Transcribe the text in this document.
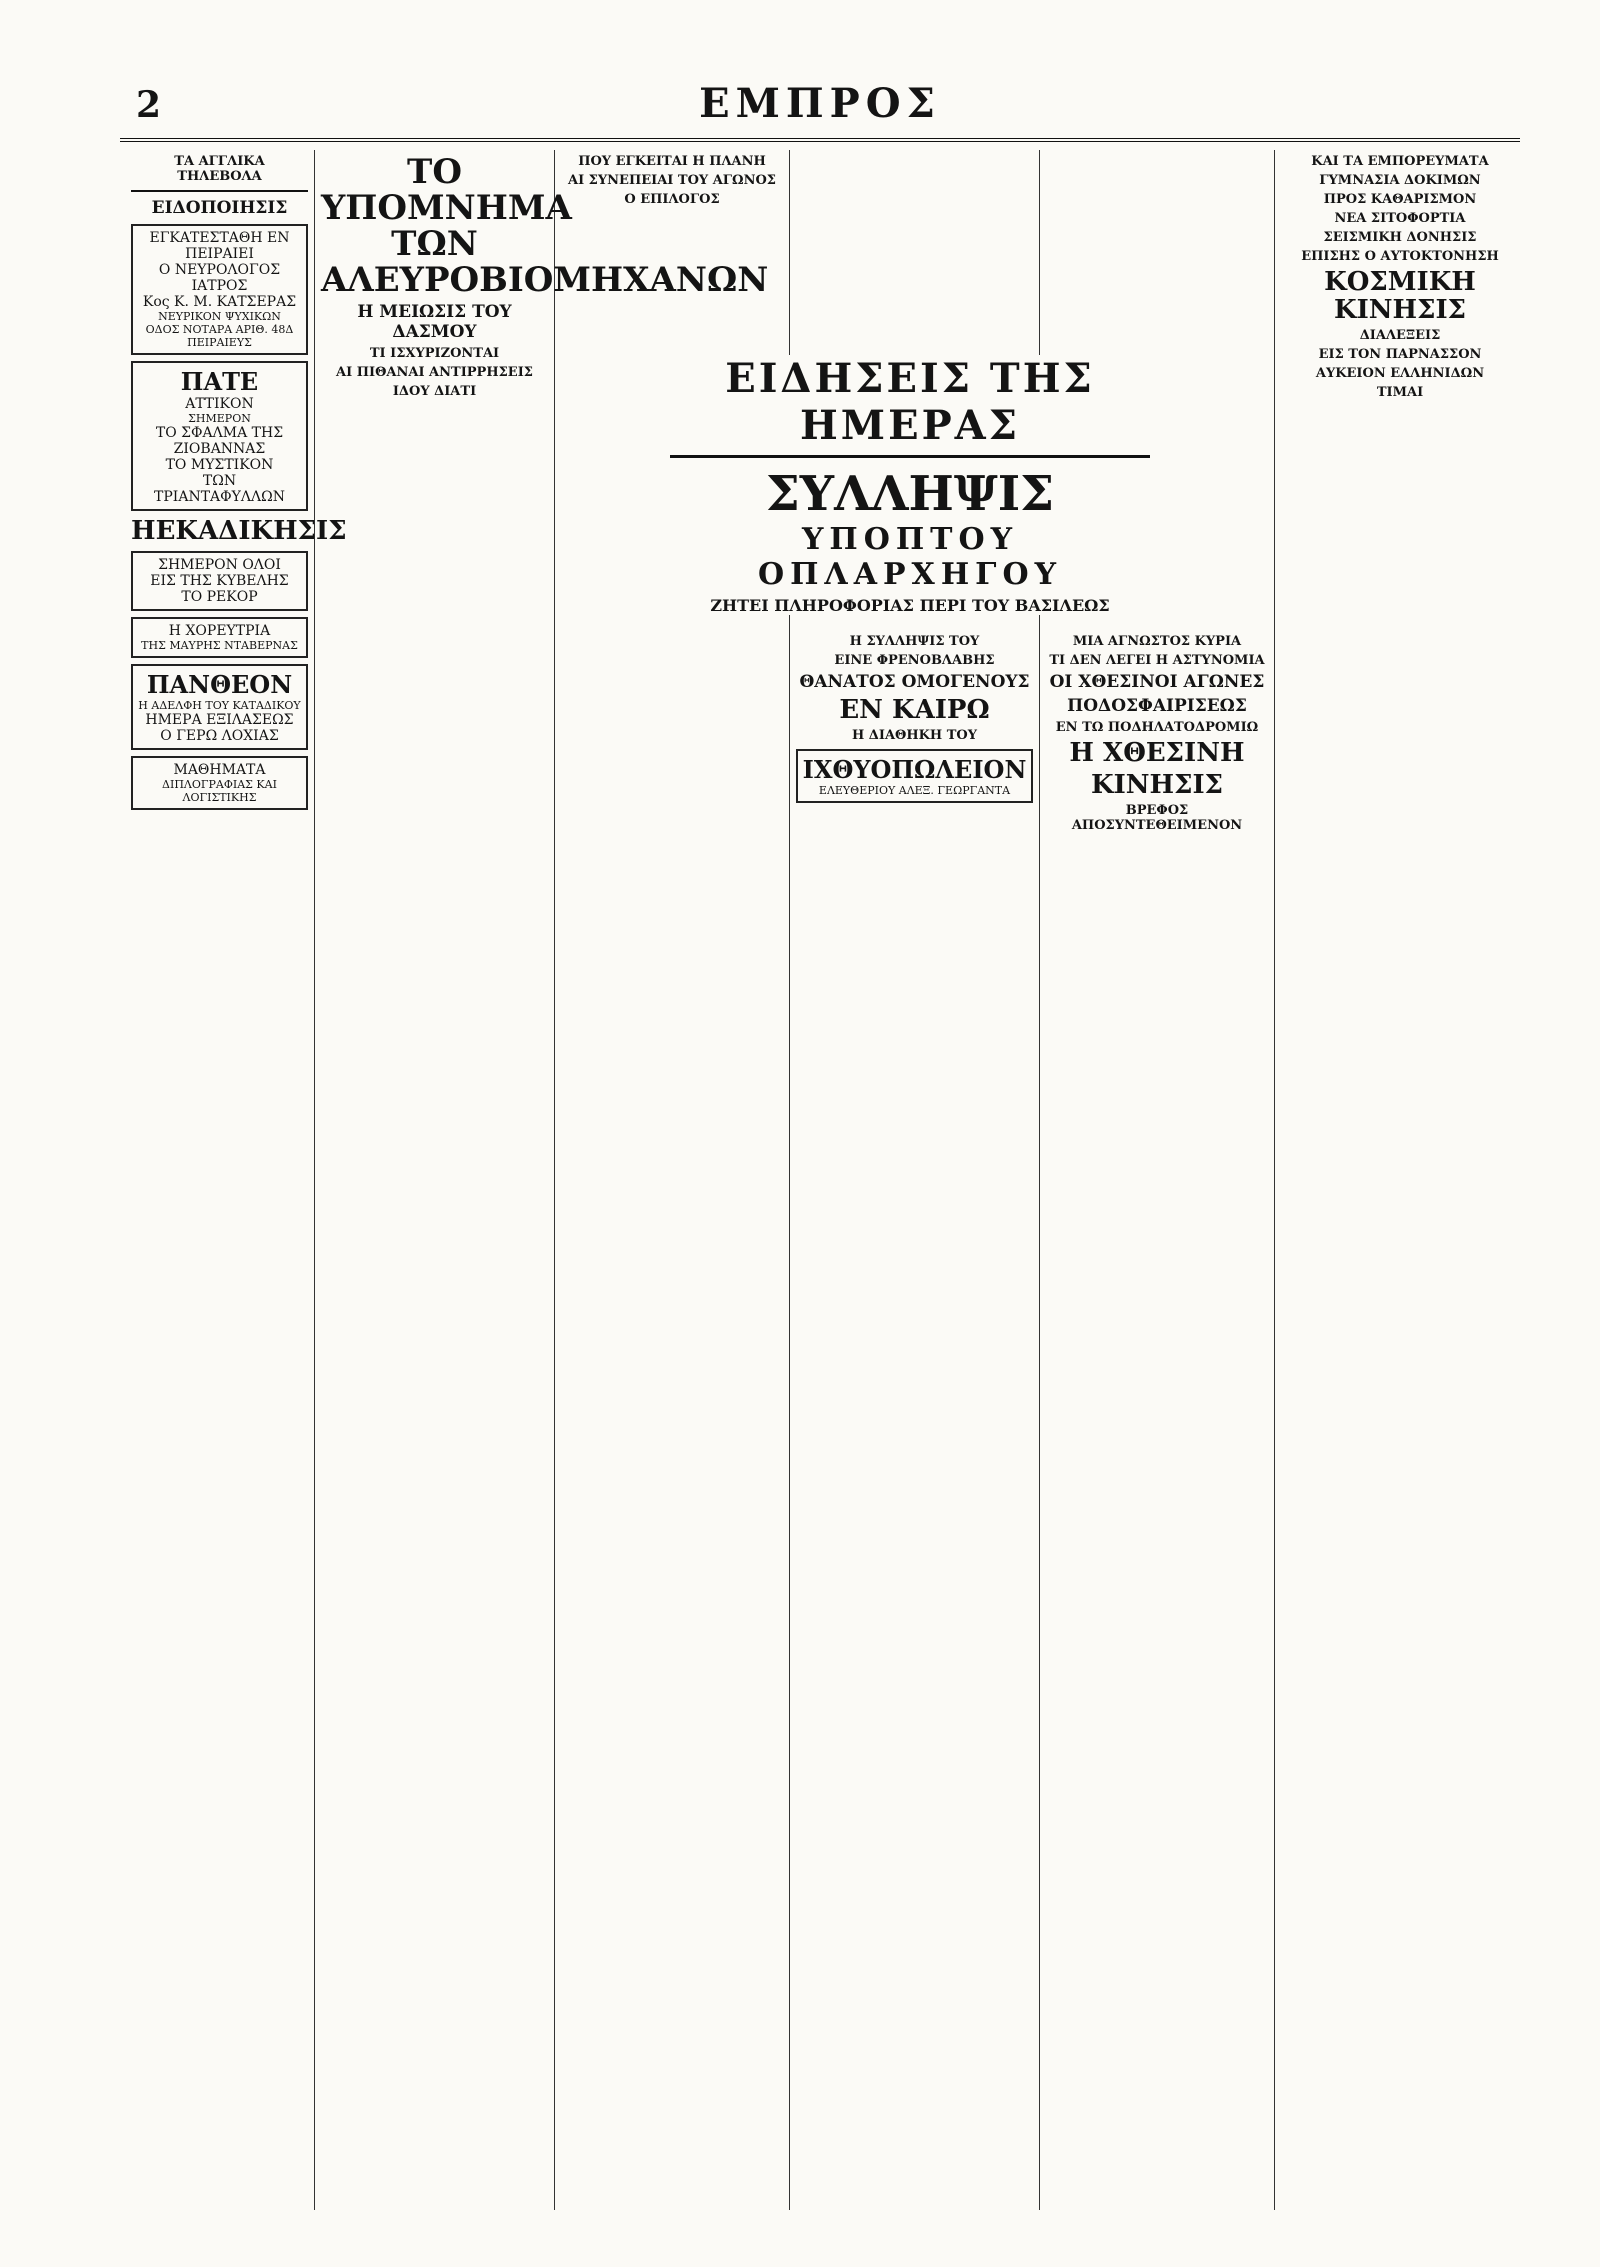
2	ΕΜΠΡΟΣ
ΤΑ ΑΓΓΛΙΚΑ ΤΗΛΕΒΟΛΑ
ΕΙΔΟΠΟΙΗΣΙΣ
ΕΓΚΑΤΕΣΤΑΘΗ ΕΝ ΠΕΙΡΑΙΕΙ
Ο ΝΕΥΡΟΛΟΓΟΣ ΙΑΤΡΟΣ
Κος Κ. Μ. ΚΑΤΣΕΡΑΣ
NEYPIKON ΨΥΧΙΚΩΝ
ΟΔΟΣ ΝΟΤΑΡΑ ΑΡΙΘ. 48Δ
ΠΕΙΡΑΙΕΥΣ
ΠΑΤΕ
ΑΤΤΙΚΟΝ
ΣΗΜΕΡΟΝ
ΤΟ ΣΦΑΛΜΑ ΤΗΣ ΖΙΟΒΑΝΝΑΣ
ΤΟ ΜΥΣΤΙΚΟΝ
ΤΩΝ ΤΡΙΑΝΤΑΦΥΛΛΩΝ
ΗΕΚΑΔΙΚΗΣΙΣ
ΣΗΜΕΡΟΝ ΟΛΟΙ
ΕΙΣ ΤΗΣ ΚΥΒΕΛΗΣ
ΤΟ ΡΕΚΟΡ
Η ΧΟΡΕΥΤΡΙΑ
ΤΗΣ ΜΑΥΡΗΣ ΝΤΑΒΕΡΝΑΣ
ΠΑΝΘΕΟΝ
Η ΑΔΕΛΦΗ ΤΟΥ ΚΑΤΑΔΙΚΟΥ
ΗΜΕΡΑ ΕΞΙΛΑΣΕΩΣ
Ο ΓΕΡΩ ΛΟΧΙΑΣ
ΜΑΘΗΜΑΤΑ
ΔΙΠΛΟΓΡΑΦΙΑΣ ΚΑΙ ΛΟΓΙΣΤΙΚΗΣ
ΤΟ ΥΠΟΜΝΗΜΑ ΤΩΝ ΑΛΕΥΡΟΒΙΟΜΗΧΑΝΩΝ
Η ΜΕΙΩΣΙΣ ΤΟΥ ΔΑΣΜΟΥ
ΤΙ ΙΣΧΥΡΙΖΟΝΤΑΙ
ΑΙ ΠΙΘΑΝΑΙ ΑΝΤΙΡΡΗΣΕΙΣ
ΙΔΟΥ ΔΙΑΤΙ
ΠΟΥ ΕΓΚΕΙΤΑΙ Η ΠΛΑΝΗ
ΑΙ ΣΥΝΕΠΕΙΑΙ ΤΟΥ ΑΓΩΝΟΣ
Ο ΕΠΙΛΟΓΟΣ
Η ΣΥΛΛΗΨΙΣ ΤΟΥ
ΕΙΝΕ ΦΡΕΝΟΒΛΑΒΗΣ
ΘΑΝΑΤΟΣ ΟΜΟΓΕΝΟΥΣ
ΕΝ ΚΑΙΡΩ
Η ΔΙΑΘΗΚΗ ΤΟΥ
ΙΧΘΥΟΠΩΛΕΙΟΝ
ΕΛΕΥΘΕΡΙΟΥ ΑΛΕΞ. ΓΕΩΡΓΑΝΤΑ
ΜΙΑ ΑΓΝΩΣΤΟΣ ΚΥΡΙΑ
ΤΙ ΔΕΝ ΛΕΓΕΙ Η ΑΣΤΥΝΟΜΙΑ
ΟΙ ΧΘΕΣΙΝΟΙ ΑΓΩΝΕΣ
ΠΟΔΟΣΦΑΙΡΙΣΕΩΣ
ΕΝ ΤΩ ΠΟΔΗΛΑΤΟΔΡΟΜΙΩ
Η ΧΘΕΣΙΝΗ
ΚΙΝΗΣΙΣ
ΒΡΕΦΟΣ ΑΠΟΣΥΝΤΕΘΕΙΜΕΝΟΝ
ΚΑΙ ΤΑ ΕΜΠΟΡΕΥΜΑΤΑ
ΓΥΜΝΑΣΙΑ ΔΟΚΙΜΩΝ
ΠΡΟΣ ΚΑΘΑΡΙΣΜΟΝ
ΝΕΑ ΣΙΤΟΦΟΡΤΙΑ
ΣΕΙΣΜΙΚΗ ΔΟΝΗΣΙΣ
ΕΠΙΣΗΣ Ο ΑΥΤΟΚΤΟΝΗΣΗ
ΚΟΣΜΙΚΗ ΚΙΝΗΣΙΣ
ΔΙΑΛΕΞΕΙΣ
ΕΙΣ ΤΟΝ ΠΑΡΝΑΣΣΟΝ
ΑΥΚΕΙΟΝ ΕΛΛΗΝΙΔΩΝ
ΤΙΜΑΙ
ΕΙΔΗΣΕΙΣ ΤΗΣ ΗΜΕΡΑΣ
ΣΥΛΛΗΨΙΣ
ΥΠΟΠΤΟΥ ΟΠΛΑΡΧΗΓΟΥ
ΖΗΤΕΙ ΠΛΗΡΟΦΟΡΙΑΣ ΠΕΡΙ ΤΟΥ ΒΑΣΙΛΕΩΣ
